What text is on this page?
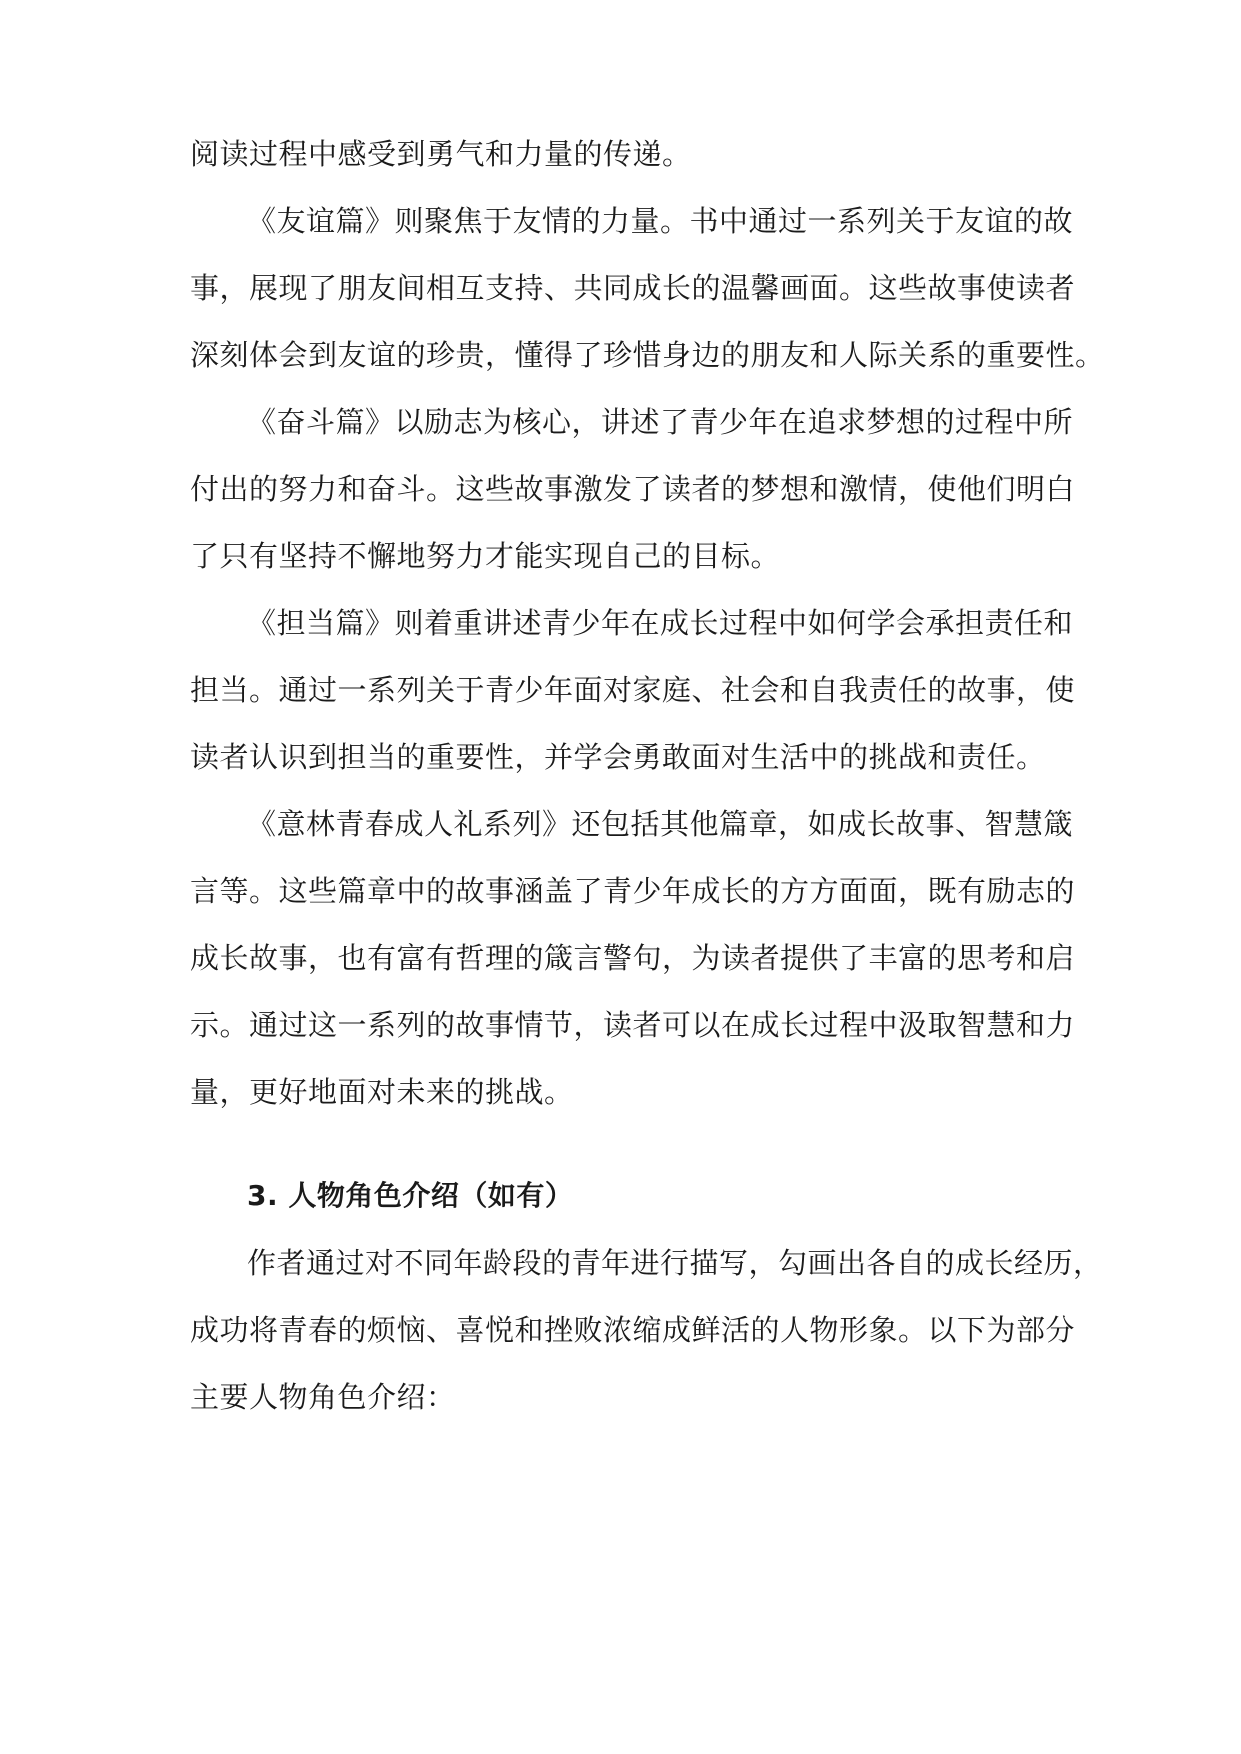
阅读过程中感受到勇气和力量的传递。
《友谊篇》则聚焦于友情的力量。书中通过一系列关于友谊的故
事，展现了朋友间相互支持、共同成长的温馨画面。这些故事使读者
深刻体会到友谊的珍贵，懂得了珍惜身边的朋友和人际关系的重要性。
《奋斗篇》以励志为核心，讲述了青少年在追求梦想的过程中所
付出的努力和奋斗。这些故事激发了读者的梦想和激情，使他们明白
了只有坚持不懈地努力才能实现自己的目标。
《担当篇》则着重讲述青少年在成长过程中如何学会承担责任和
担当。通过一系列关于青少年面对家庭、社会和自我责任的故事，使
读者认识到担当的重要性，并学会勇敢面对生活中的挑战和责任。
《意林青春成人礼系列》还包括其他篇章，如成长故事、智慧箴
言等。这些篇章中的故事涵盖了青少年成长的方方面面，既有励志的
成长故事，也有富有哲理的箴言警句，为读者提供了丰富的思考和启
示。通过这一系列的故事情节，读者可以在成长过程中汲取智慧和力
量，更好地面对未来的挑战。
3. 人物角色介绍（如有）
作者通过对不同年龄段的青年进行描写，勾画出各自的成长经历，
成功将青春的烦恼、喜悦和挫败浓缩成鲜活的人物形象。以下为部分
主要人物角色介绍：
